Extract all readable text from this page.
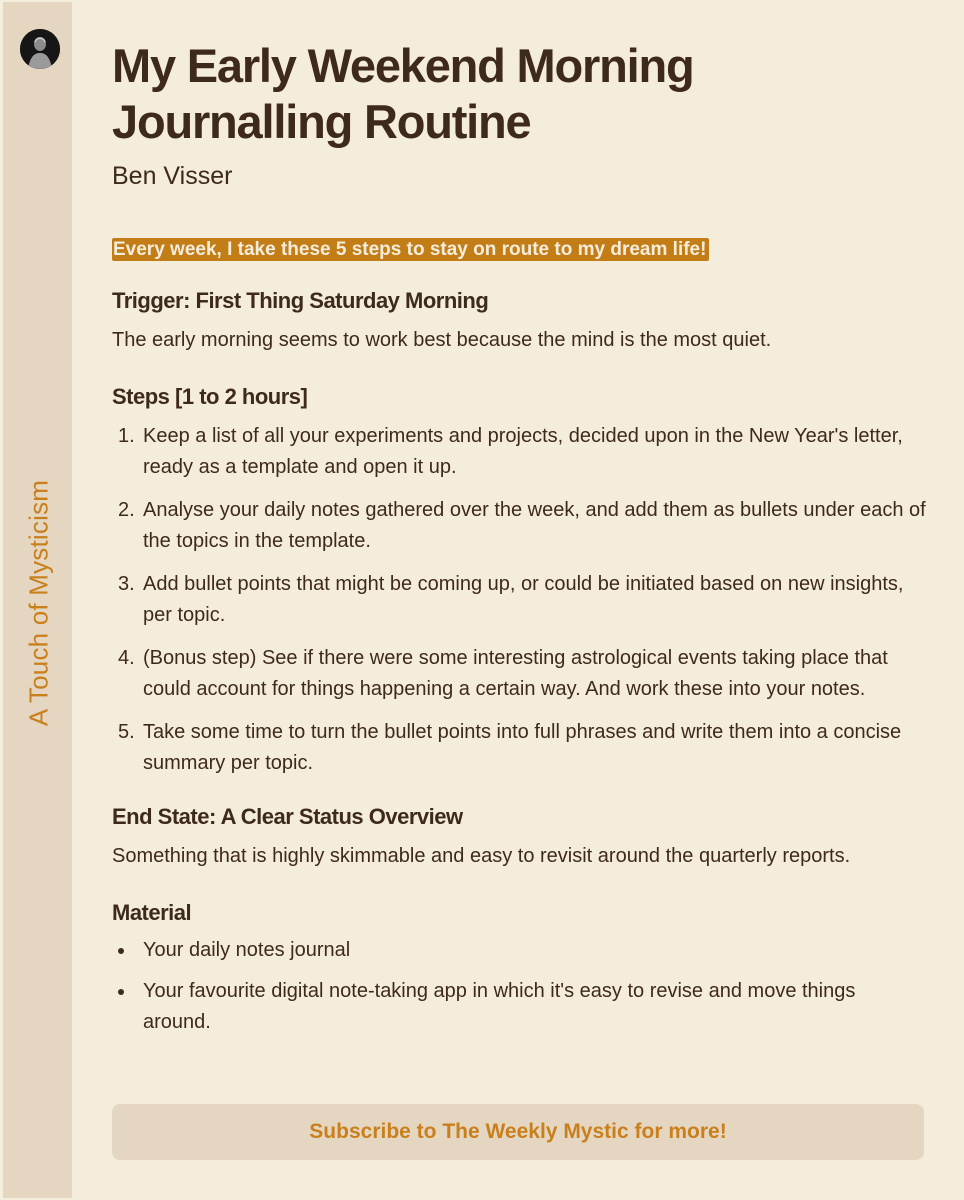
A Touch of Mysticism
My Early Weekend Morning Journalling Routine
Ben Visser
Every week, I take these 5 steps to stay on route to my dream life!
Trigger: First Thing Saturday Morning

The early morning seems to work best because the mind is the most quiet.

Steps [1 to 2 hours]
1. Keep a list of all your experiments and projects, decided upon in the New Year's letter, ready as a template and open it up.
2. Analyse your daily notes gathered over the week, and add them as bullets under each of the topics in the template.
3. Add bullet points that might be coming up, or could be initiated based on new insights, per topic.
4. (Bonus step) See if there were some interesting astrological events taking place that could account for things happening a certain way. And work these into your notes.
5. Take some time to turn the bullet points into full phrases and write them into a concise summary per topic.
End State: A Clear Status Overview

Something that is highly skimmable and easy to revisit around the quarterly reports.

Material
Your daily notes journal
Your favourite digital note-taking app in which it's easy to revise and move things around.
Subscribe to The Weekly Mystic for more!
